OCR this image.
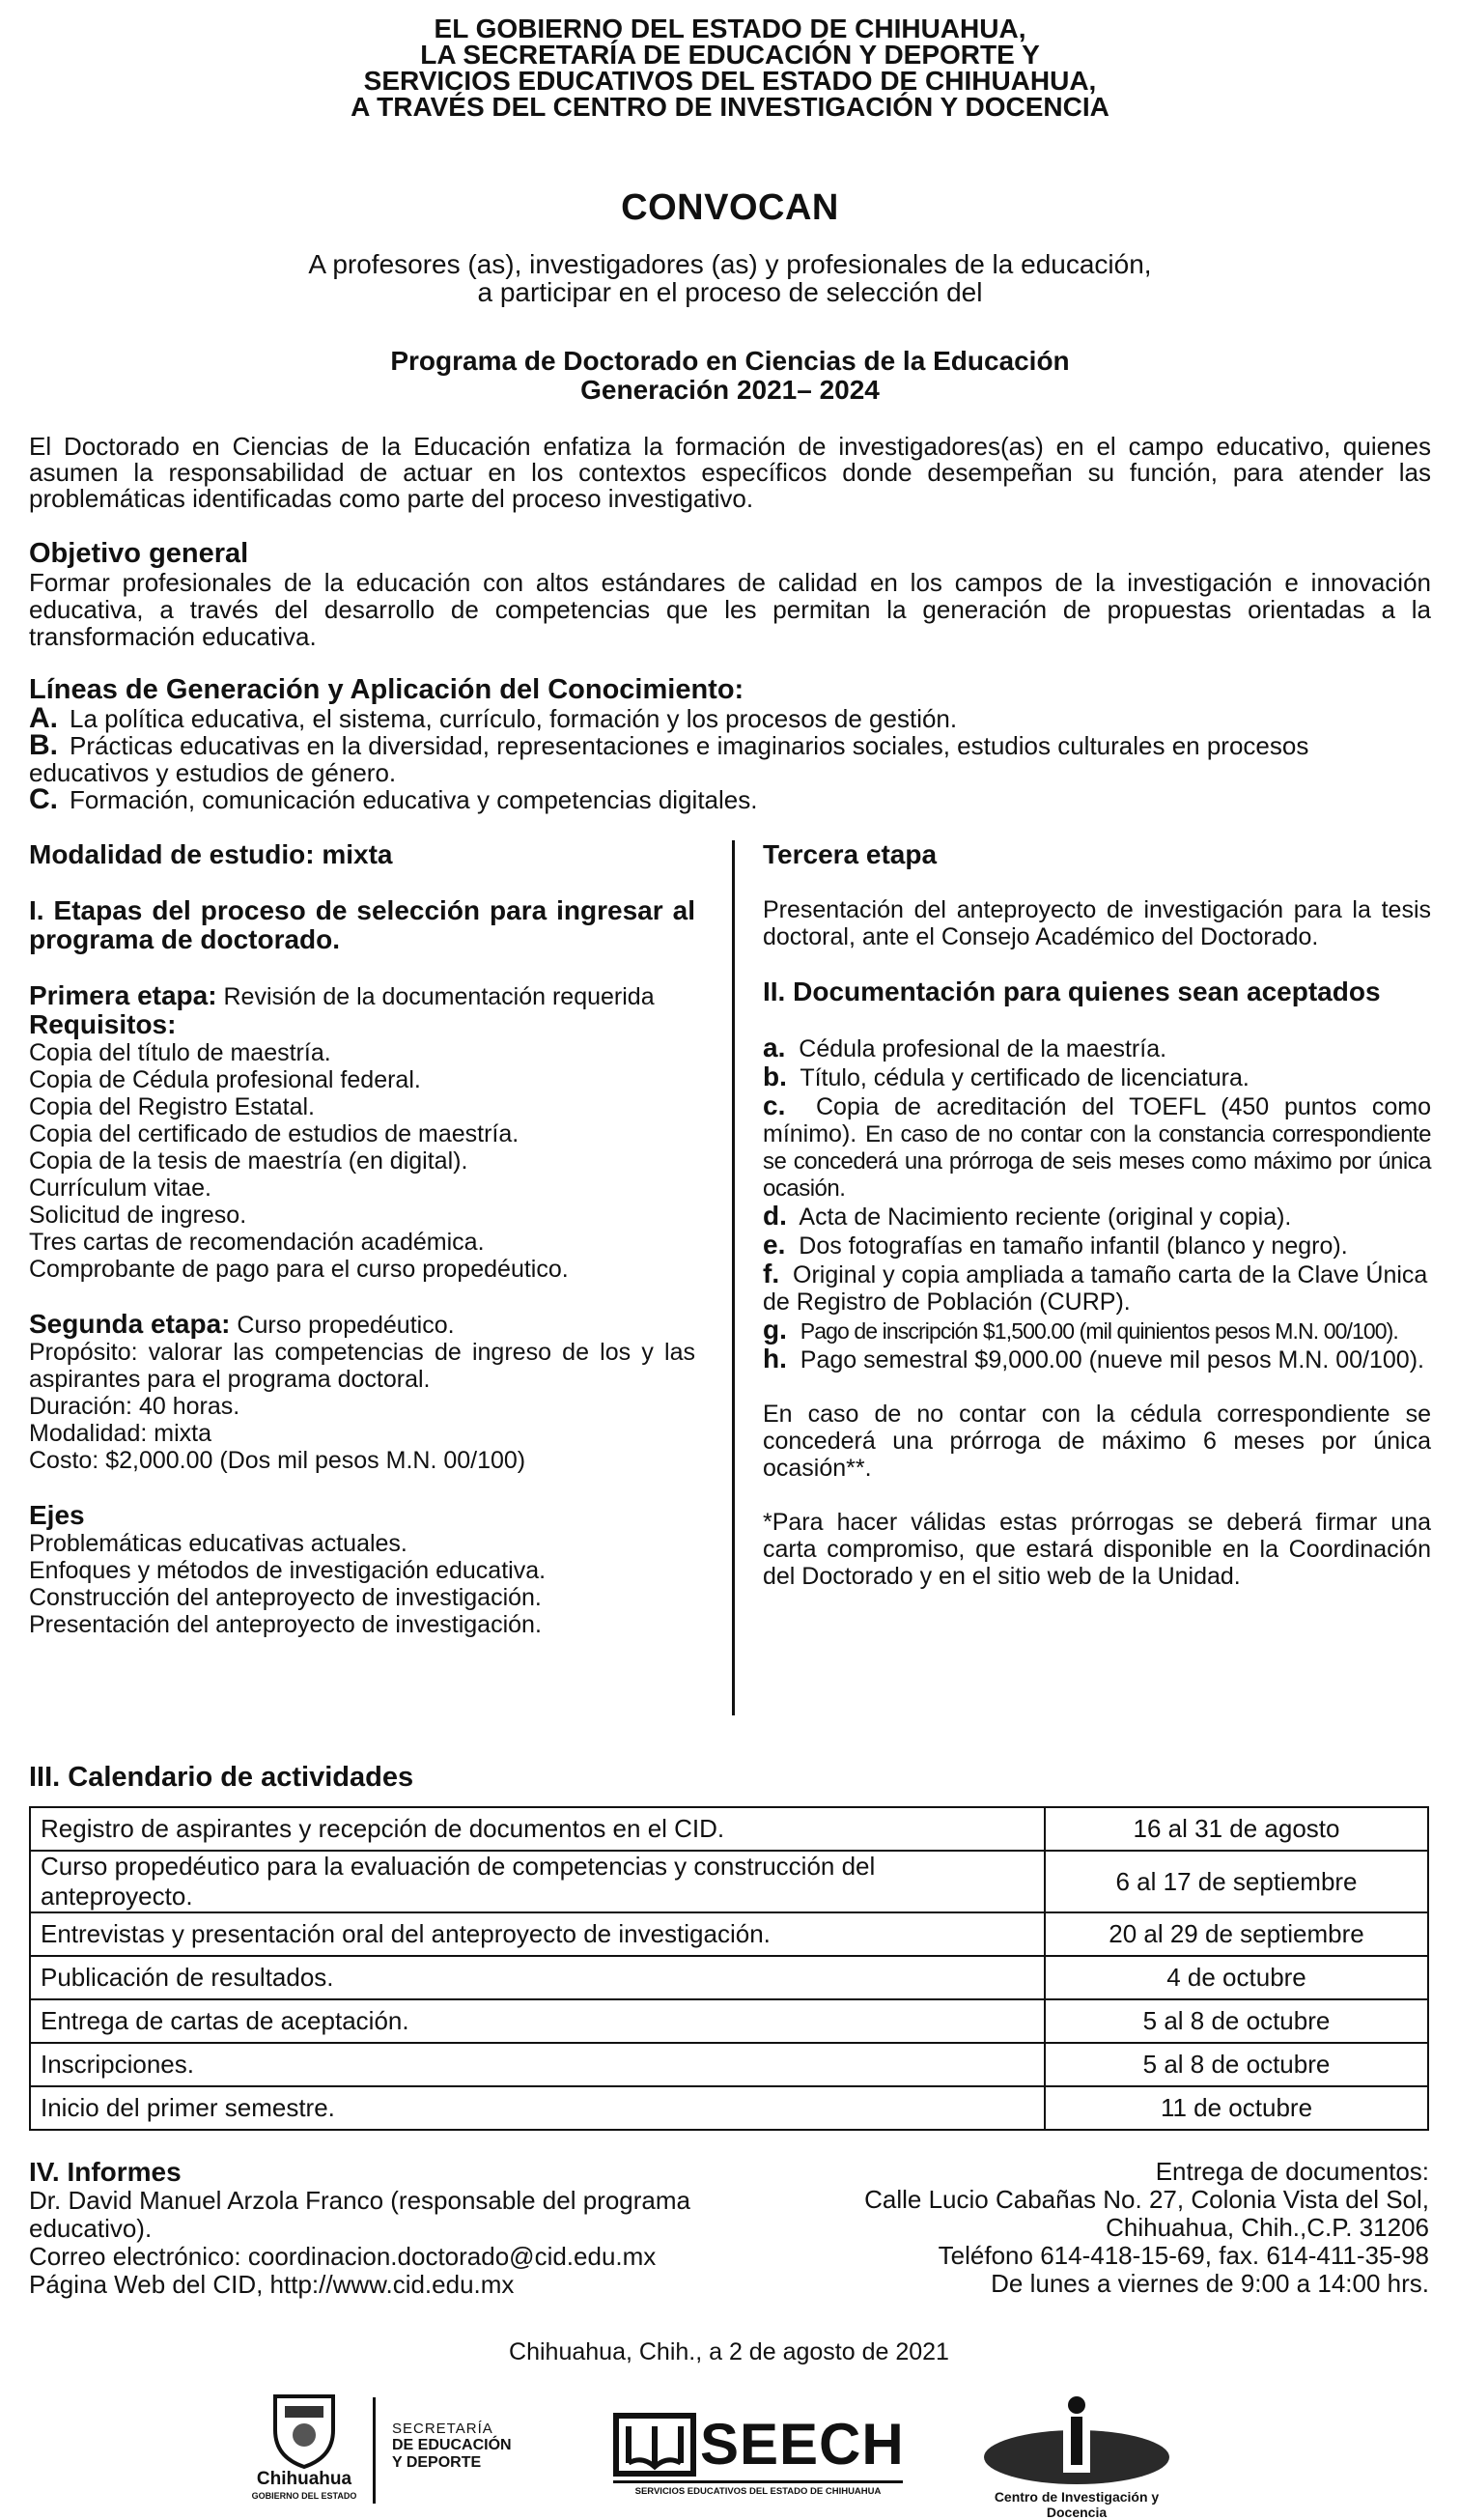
EL GOBIERNO DEL ESTADO DE CHIHUAHUA,

LA SECRETARÍA DE EDUCACIÓN Y DEPORTE Y

SERVICIOS EDUCATIVOS DEL ESTADO DE CHIHUAHUA,

A TRAVÉS DEL CENTRO DE INVESTIGACIÓN Y DOCENCIA

CONVOCAN
A profesores (as), investigadores (as) y profesionales de la educación,
a participar en el proceso de selección del
Programa de Doctorado en Ciencias de la Educación
Generación 2021– 2024

El Doctorado en Ciencias de la Educación enfatiza la formación de investigadores(as) en el campo educativo, quienes asumen la responsabilidad de actuar en los contextos específicos donde desempeñan su función, para atender las problemáticas identificadas como parte del proceso investigativo.

Objetivo general

Formar profesionales de la educación con altos estándares de calidad en los campos de la investigación e innovación educativa, a través del desarrollo de competencias que les permitan la generación de propuestas orientadas a la transformación educativa.

Líneas de Generación y Aplicación del Conocimiento:
A. La política educativa, el sistema, currículo, formación y los procesos de gestión.
B. Prácticas educativas en la diversidad, representaciones e imaginarios sociales, estudios culturales en procesos educativos y estudios de género.
C. Formación, comunicación educativa y competencias digitales.
Modalidad de estudio: mixta
I. Etapas del proceso de selección para ingresar al programa de doctorado.
Primera etapa: Revisión de la documentación requerida
Requisitos:
Copia del título de maestría.
Copia de Cédula profesional federal.
Copia del Registro Estatal.
Copia del certificado de estudios de maestría.
Copia de la tesis de maestría (en digital).
Currículum vitae.
Solicitud de ingreso.
Tres cartas de recomendación académica.
Comprobante de pago para el curso propedéutico.
Segunda etapa: Curso propedéutico.
Propósito: valorar las competencias de ingreso de los y las aspirantes para el programa doctoral.
Duración: 40 horas.
Modalidad: mixta
Costo: $2,000.00 (Dos mil pesos M.N. 00/100)
Ejes
Problemáticas educativas actuales.
Enfoques y métodos de investigación educativa.
Construcción del anteproyecto de investigación.
Presentación del anteproyecto de investigación.
Tercera etapa
Presentación del anteproyecto de investigación para la tesis doctoral, ante el Consejo Académico del Doctorado.
II. Documentación para quienes sean aceptados
a. Cédula profesional de la maestría.
b. Título, cédula y certificado de licenciatura.
c. Copia de acreditación del TOEFL (450 puntos como mínimo). En caso de no contar con la constancia correspondiente se concederá una prórroga de seis meses como máximo por única ocasión.
d. Acta de Nacimiento reciente (original y copia).
e. Dos fotografías en tamaño infantil (blanco y negro).
f. Original y copia ampliada a tamaño carta de la Clave Única de Registro de Población (CURP).
g. Pago de inscripción $1,500.00 (mil quinientos pesos M.N. 00/100).
h. Pago semestral $9,000.00 (nueve mil pesos M.N. 00/100).
En caso de no contar con la cédula correspondiente se concederá una prórroga de máximo 6 meses por única ocasión**.
*Para hacer válidas estas prórrogas se deberá firmar una carta compromiso, que estará disponible en la Coordinación del Doctorado y en el sitio web de la Unidad.
III. Calendario de actividades
Registro de aspirantes y recepción de documentos en el CID.	16 al 31 de agosto
Curso propedéutico para la evaluación de competencias y construcción del anteproyecto.	6 al 17 de septiembre
Entrevistas y presentación oral del anteproyecto de investigación.	20 al 29 de septiembre
Publicación de resultados.	4 de octubre
Entrega de cartas de aceptación.	5 al 8 de octubre
Inscripciones.	5 al 8 de octubre
Inicio del primer semestre.	11 de octubre
IV. Informes
Dr. David Manuel Arzola Franco (responsable del programa educativo).
Correo electrónico: coordinacion.doctorado@cid.edu.mx
Página Web del CID, http://www.cid.edu.mx
Entrega de documentos:
Calle Lucio Cabañas No. 27, Colonia Vista del Sol,
Chihuahua, Chih.,C.P. 31206
Teléfono 614-418-15-69, fax. 614-411-35-98
De lunes a viernes de 9:00 a 14:00 hrs.
Chihuahua, Chih., a 2 de agosto de 2021
Chihuahua
GOBIERNO DEL ESTADO
SECRETARÍA
DE EDUCACIÓN
Y DEPORTE	SEECH
SERVICIOS EDUCATIVOS DEL ESTADO DE CHIHUAHUA	Centro de Investigación y Docencia
